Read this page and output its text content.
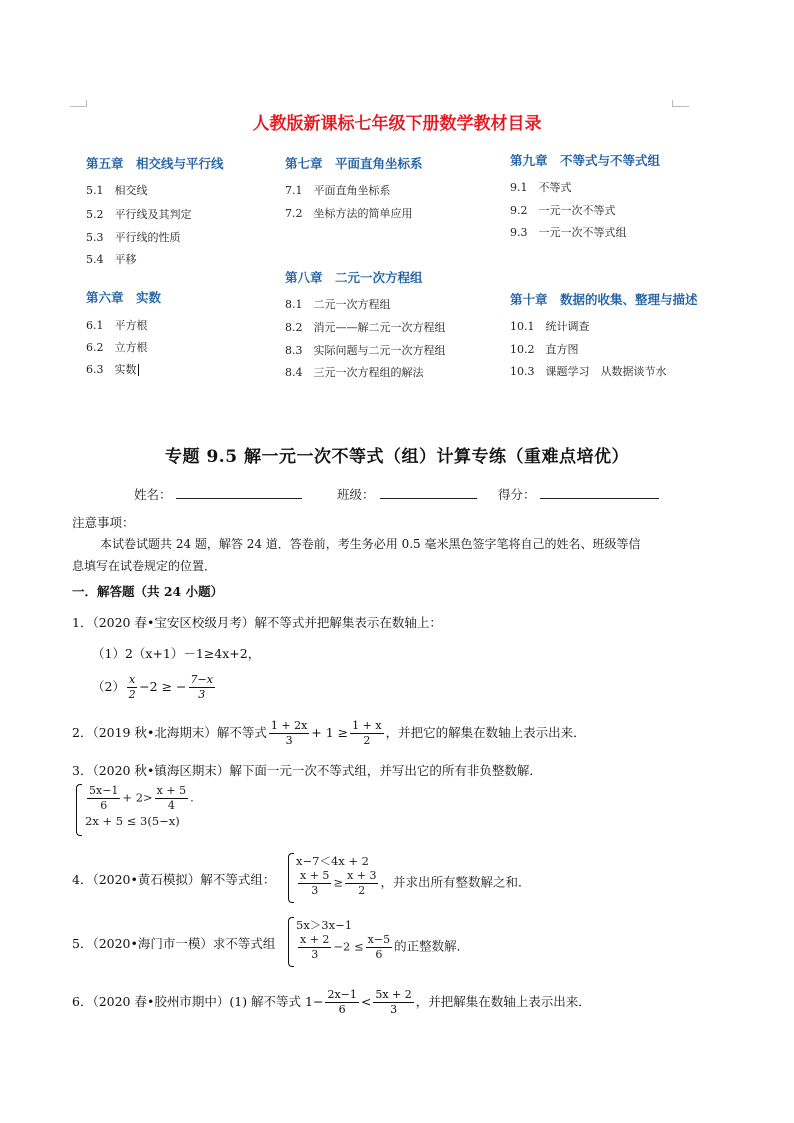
人教版新课标七年级下册数学教材目录
第五章　相交线与平行线
5.1　相交线
5.2　平行线及其判定
5.3　平行线的性质
5.4　平移
第六章　实数
6.1　平方根
6.2　立方根
6.3　实数
第七章　平面直角坐标系
7.1　平面直角坐标系
7.2　坐标方法的简单应用
第八章　二元一次方程组
8.1　二元一次方程组
8.2　消元——解二元一次方程组
8.3　实际问题与二元一次方程组
8.4　三元一次方程组的解法
第九章　不等式与不等式组
9.1　不等式
9.2　一元一次不等式
9.3　一元一次不等式组
第十章　数据的收集、整理与描述
10.1　统计调查
10.2　直方图
10.3　课题学习　从数据谈节水
专题 9.5 解一元一次不等式（组）计算专练（重难点培优）
姓名：	班级：	得分：
注意事项：
本试卷试题共 24 题，解答 24 道．答卷前，考生务必用 0.5 毫米黑色签字笔将自己的姓名、班级等信
息填写在试卷规定的位置．
一．解答题（共 24 小题）
1．（2020 春•宝安区校级月考）解不等式并把解集表示在数轴上：
（1）2（x+1）－1≥4x+2，
$(2) \frac{x}{2} -2$ ≥ − $\frac{7-x}{3}$
2．（2019 秋•北海期末）解不等式 $\frac{1 + 2x}{3} + 1 \ge \frac{1 + x}{2}$ ，并把它的解集在数轴上表示出来．
3．（2020 秋•镇海区期末）解下面一元一次不等式组，并写出它的所有非负整数解．
$\frac{5x-1}{6} + 2> \frac{x + 5}{4}$ .
2x + 5 ≤ 3(5−x)
4．（2020•黄石模拟）解不等式组：
x−7＜4x + 2
$\frac{x + 5}{3} \ge \frac{x + 3}{2}$ ，并求出所有整数解之和．
5．（2020•海门市一模）求不等式组
5x＞3x−1
$\frac{x + 2}{3} -2 \le \frac{x-5}{6}$ 的正整数解．
6．（2020 春•胶州市期中）(1) 解不等式 $1- \frac{2x-1}{6} < \frac{5x + 2}{3}$ ，并把解集在数轴上表示出来．
